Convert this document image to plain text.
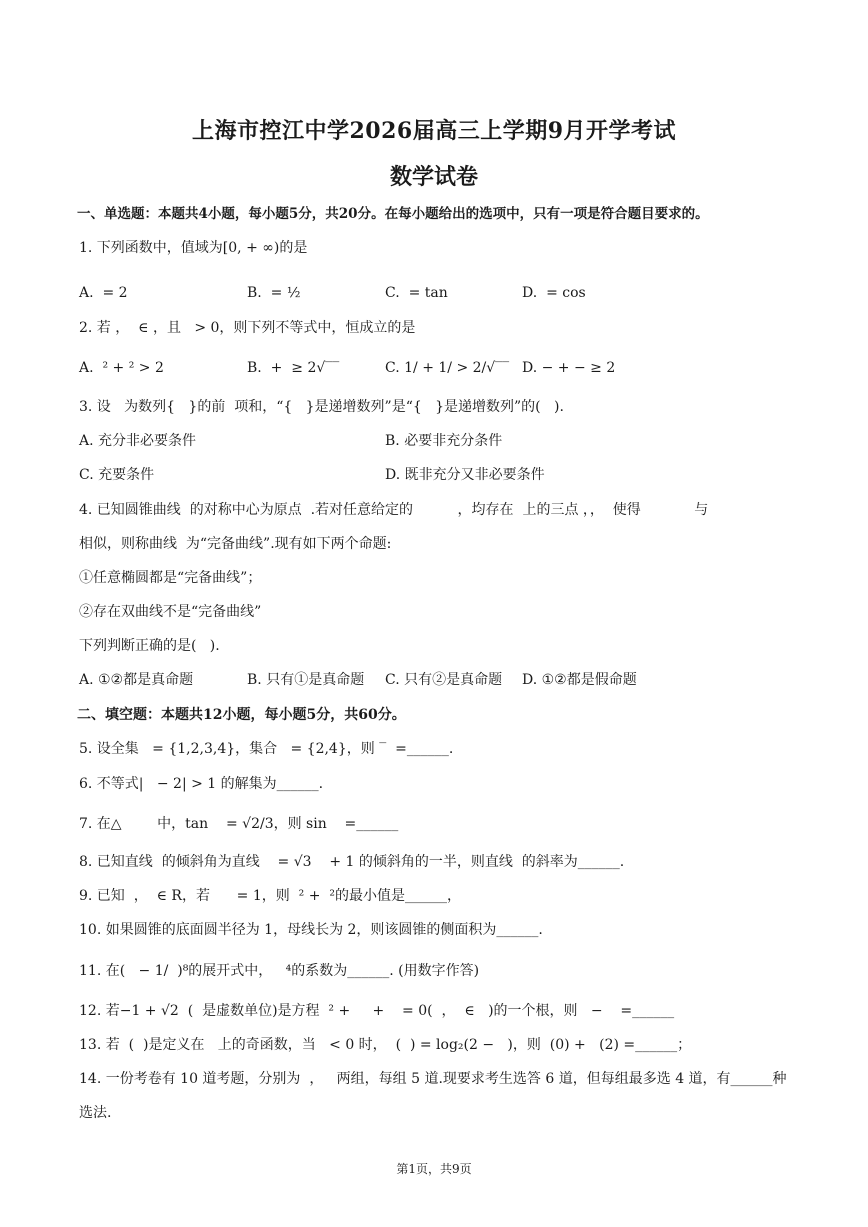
上海市控江中学2026届高三上学期9月开学考试
数学试卷
一、单选题：本题共4小题，每小题5分，共20分。在每小题给出的选项中，只有一项是符合题目要求的。
1. 下列函数中，值域为[0, + ∞)的是
A.  = 2	B.  = ½	C.  = tan	D.  = cos
2. 若 ，  ∈ ，且   > 0，则下列不等式中，恒成立的是
A.  ² + ² > 2	B.  +  ≥ 2√‾‾	C. 1/ + 1/ > 2/√‾‾ D. − + − ≥ 2
3. 设   为数列{   }的前  项和，“{   }是递增数列”是“{   }是递增数列”的(   ).
A. 充分非必要条件	B. 必要非充分条件
C. 充要条件	D. 既非充分又非必要条件
4. 已知圆锥曲线  的对称中心为原点  .若对任意给定的          ，均存在  上的三点 ，，  使得            与
相似，则称曲线  为“完备曲线”.现有如下两个命题:
①任意椭圆都是“完备曲线”；
②存在双曲线不是“完备曲线”
下列判断正确的是(   ).
A. ①②都是真命题	B. 只有①是真命题 C. 只有②是真命题 D. ①②都是假命题
二、填空题：本题共12小题，每小题5分，共60分。
5. 设全集   = {1,2,3,4}，集合   = {2,4}，则 ‾  =______.
6. 不等式|   − 2| > 1 的解集为______.
7. 在△        中，tan    = √2/3，则 sin    =______
8. 已知直线  的倾斜角为直线    = √3    + 1 的倾斜角的一半，则直线  的斜率为______.
9. 已知  ，  ∈ R，若      = 1，则  ² +  ²的最小值是______，
10. 如果圆锥的底面圆半径为 1，母线长为 2，则该圆锥的侧面积为______.
11. 在(   − 1/  )⁸的展开式中，   ⁴的系数为______. (用数字作答)
12. 若−1 + √2  (  是虚数单位)是方程  ² +     +    = 0(  ，  ∈   )的一个根，则   −    =______
13. 若  (  )是定义在   上的奇函数，当   < 0 时，  (  ) = log₂(2 −   )，则  (0) +   (2) =______；
14. 一份考卷有 10 道考题，分别为  ，   两组，每组 5 道.现要求考生选答 6 道，但每组最多选 4 道，有______种
选法.
第1页，共9页
